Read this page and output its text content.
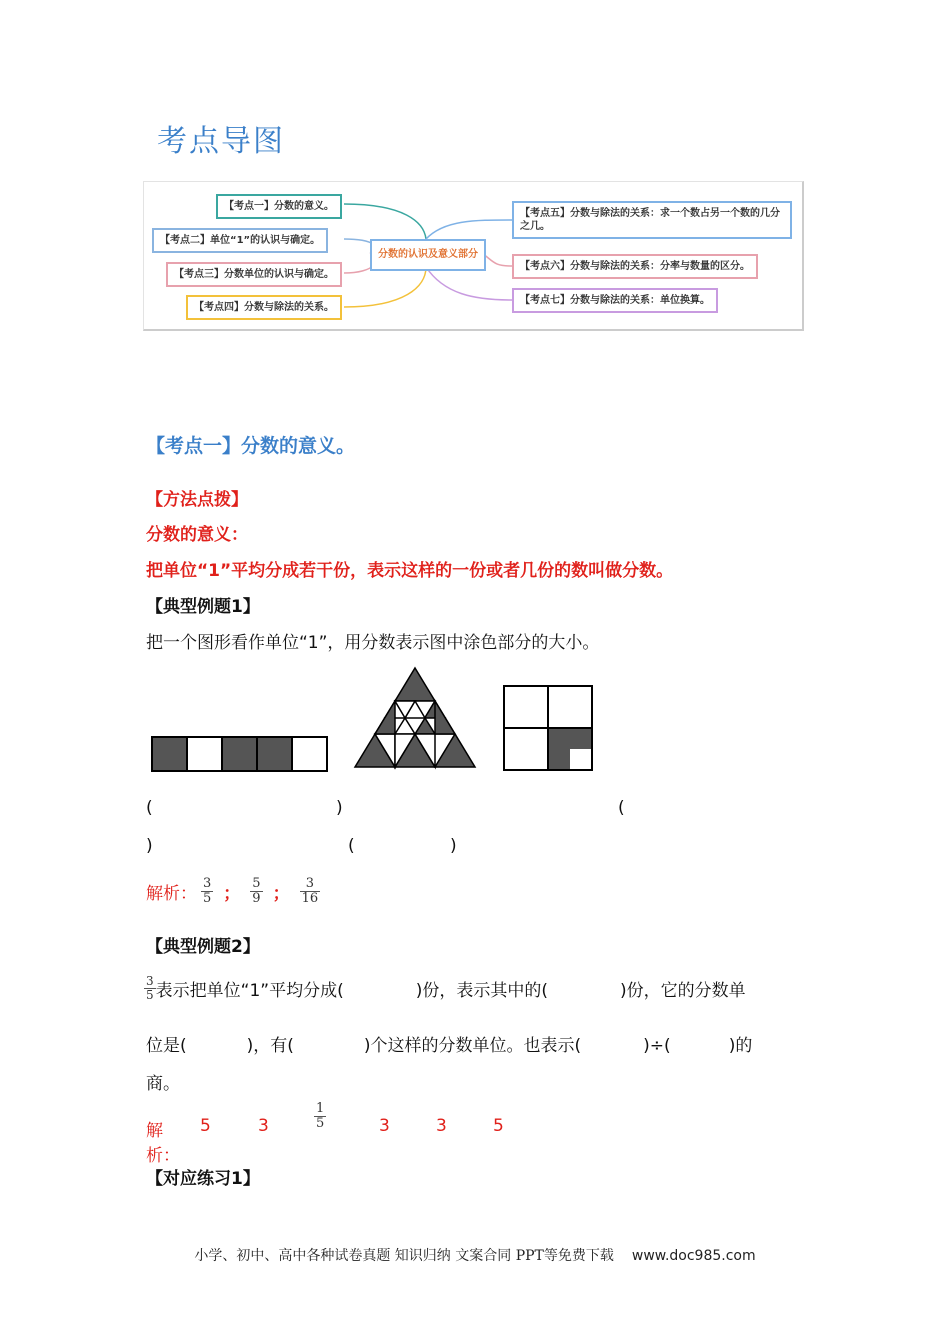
考点导图
【考点一】分数的意义。
【考点二】单位“1”的认识与确定。
【考点三】分数单位的认识与确定。
【考点四】分数与除法的关系。
分数的认识及意义部分
【考点五】分数与除法的关系：求一个数占另一个数的几分之几。
【考点六】分数与除法的关系：分率与数量的区分。
【考点七】分数与除法的关系：单位换算。
【考点一】分数的意义。
【方法点拨】
分数的意义：
把单位“1”平均分成若干份，表示这样的一份或者几份的数叫做分数。
【典型例题1】
把一个图形看作单位“1”，用分数表示图中涂色部分的大小。
(	)	(
)	(	)
解析： $\frac{3}{5}$ ； $\frac{5}{9}$ ； $\frac{3}{16}$
【典型例题2】
$\frac{3}{5}$ 表示把单位“1”平均分成(	)份，表示其中的(	)份，它的分数单
位是(	)，有(	)个这样的分数单位。也表示(	)÷(	)的
商。
解析：
5	3	$\frac{1}{5}$	3	3	5
【对应练习1】
小学、初中、高中各种试卷真题 知识归纳 文案合同 PPT等免费下载 www.doc985.com
